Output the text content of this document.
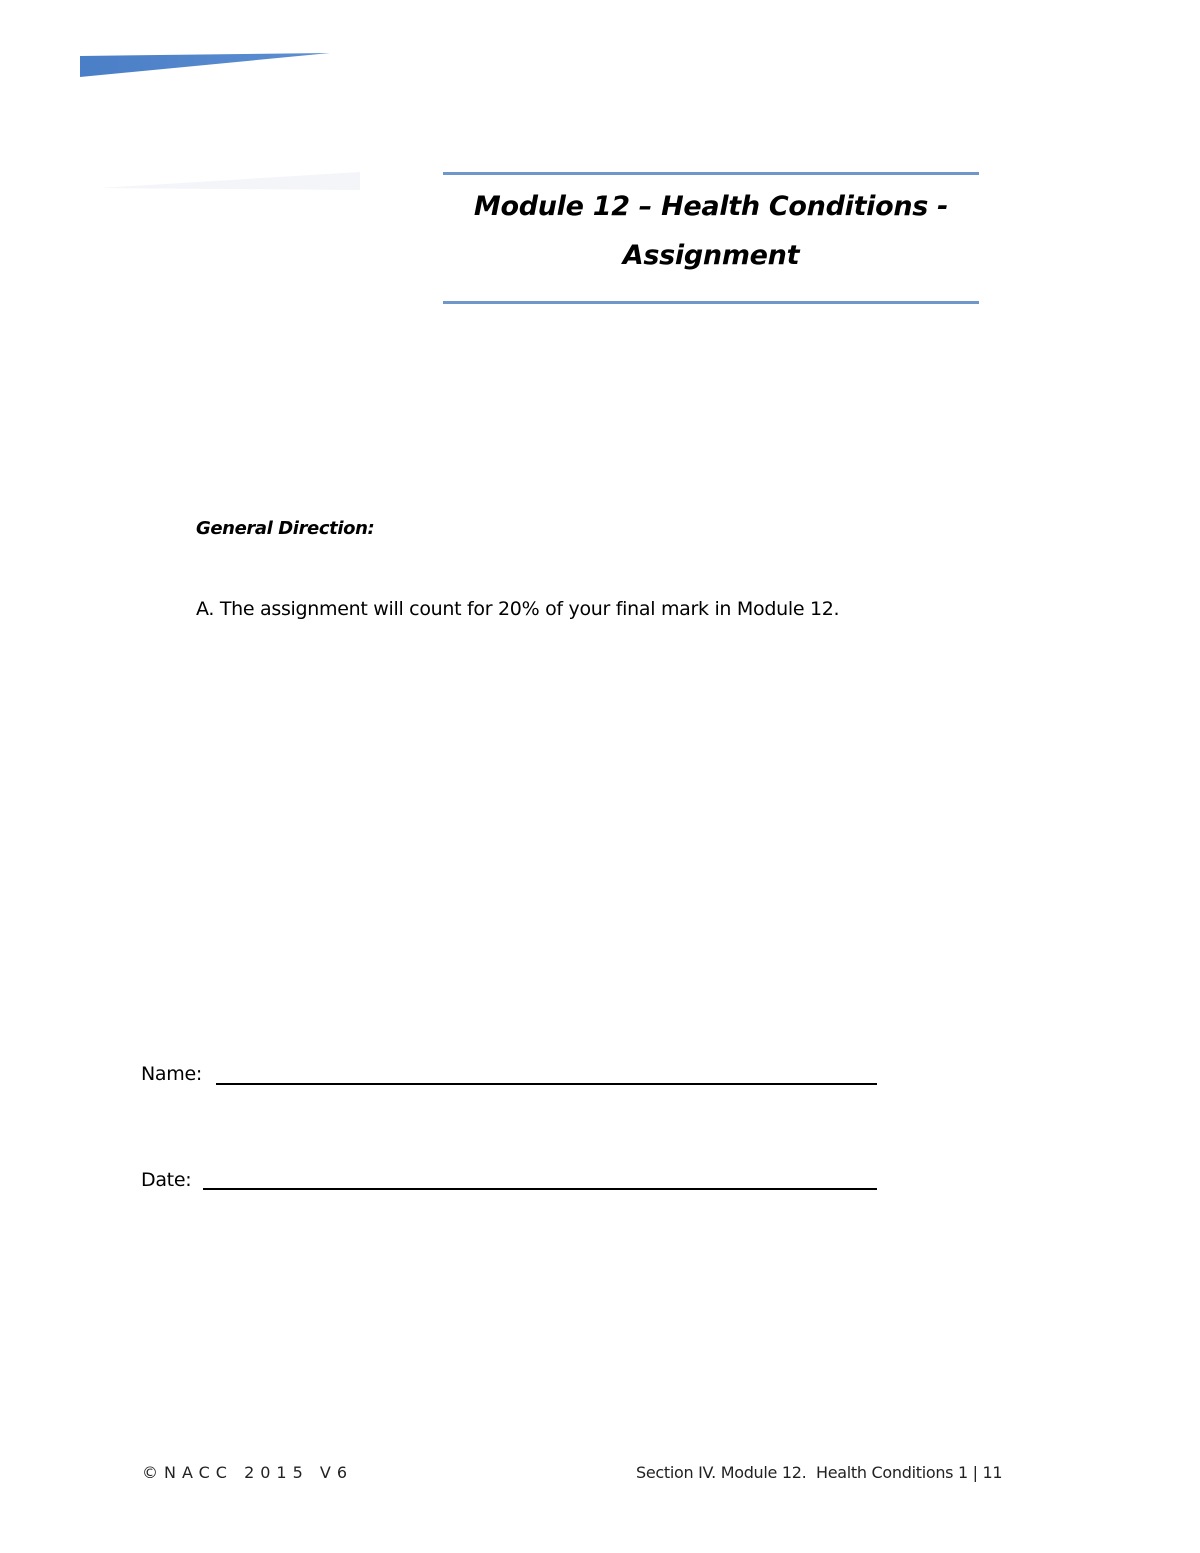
Module 12 – Health Conditions -
Assignment
General Direction:
A. The assignment will count for 20% of your final mark in Module 12.
Name:
Date:
©NACC 2015 V6	Section IV. Module 12.  Health Conditions 1 | 11
